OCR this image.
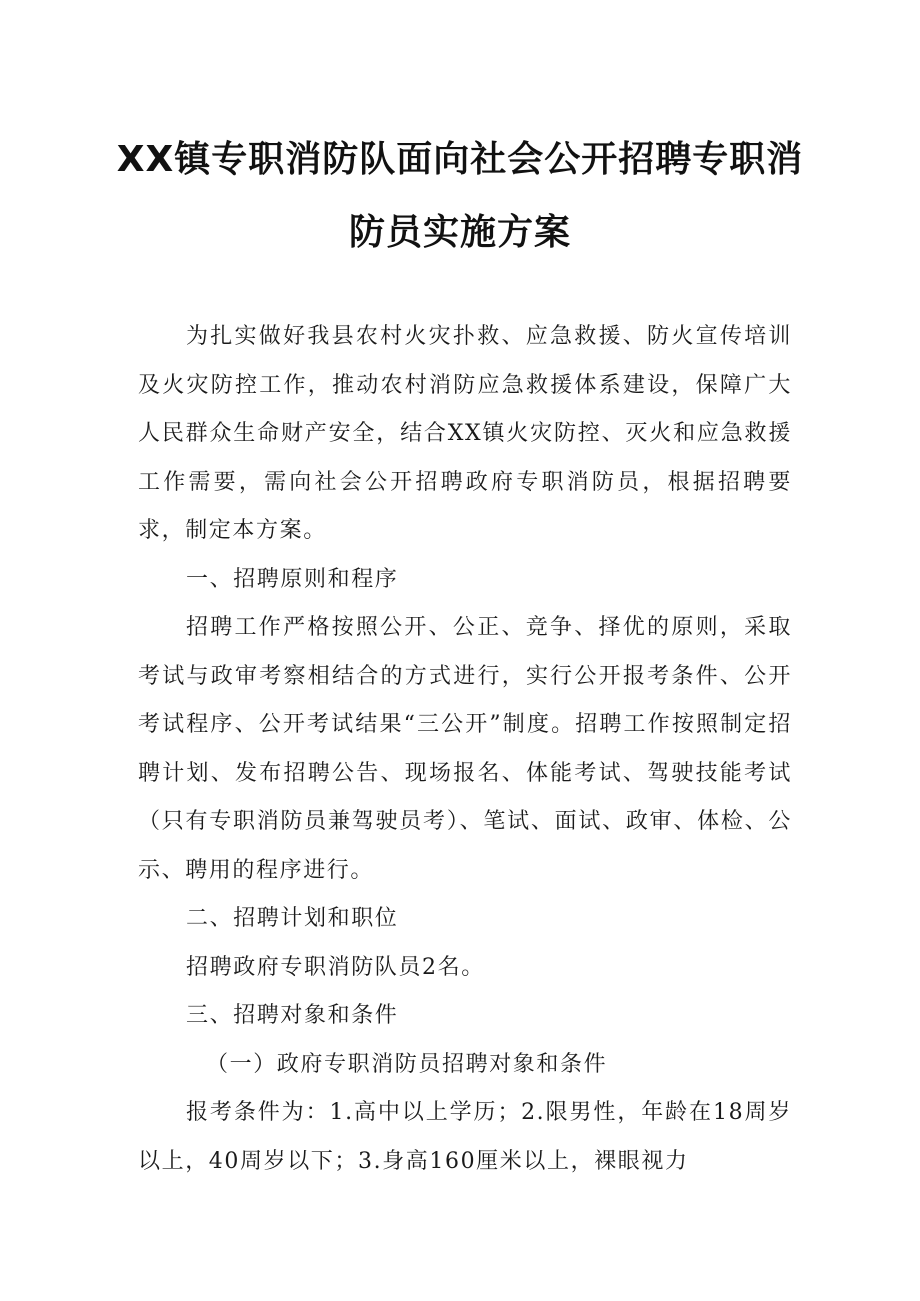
XX镇专职消防队面向社会公开招聘专职消
防员实施方案

为扎实做好我县农村火灾扑救、应急救援、防火宣传培训及火灾防控工作，推动农村消防应急救援体系建设，保障广大人民群众生命财产安全，结合XX镇火灾防控、灭火和应急救援工作需要，需向社会公开招聘政府专职消防员，根据招聘要求，制定本方案。

一、招聘原则和程序

招聘工作严格按照公开、公正、竞争、择优的原则，采取考试与政审考察相结合的方式进行，实行公开报考条件、公开考试程序、公开考试结果“三公开”制度。招聘工作按照制定招聘计划、发布招聘公告、现场报名、体能考试、驾驶技能考试（只有专职消防员兼驾驶员考）、笔试、面试、政审、体检、公示、聘用的程序进行。

二、招聘计划和职位

招聘政府专职消防队员2名。

三、招聘对象和条件

（一）政府专职消防员招聘对象和条件

报考条件为：1.高中以上学历；2.限男性，年龄在18周岁以上，40周岁以下；3.身高160厘米以上，裸眼视力
